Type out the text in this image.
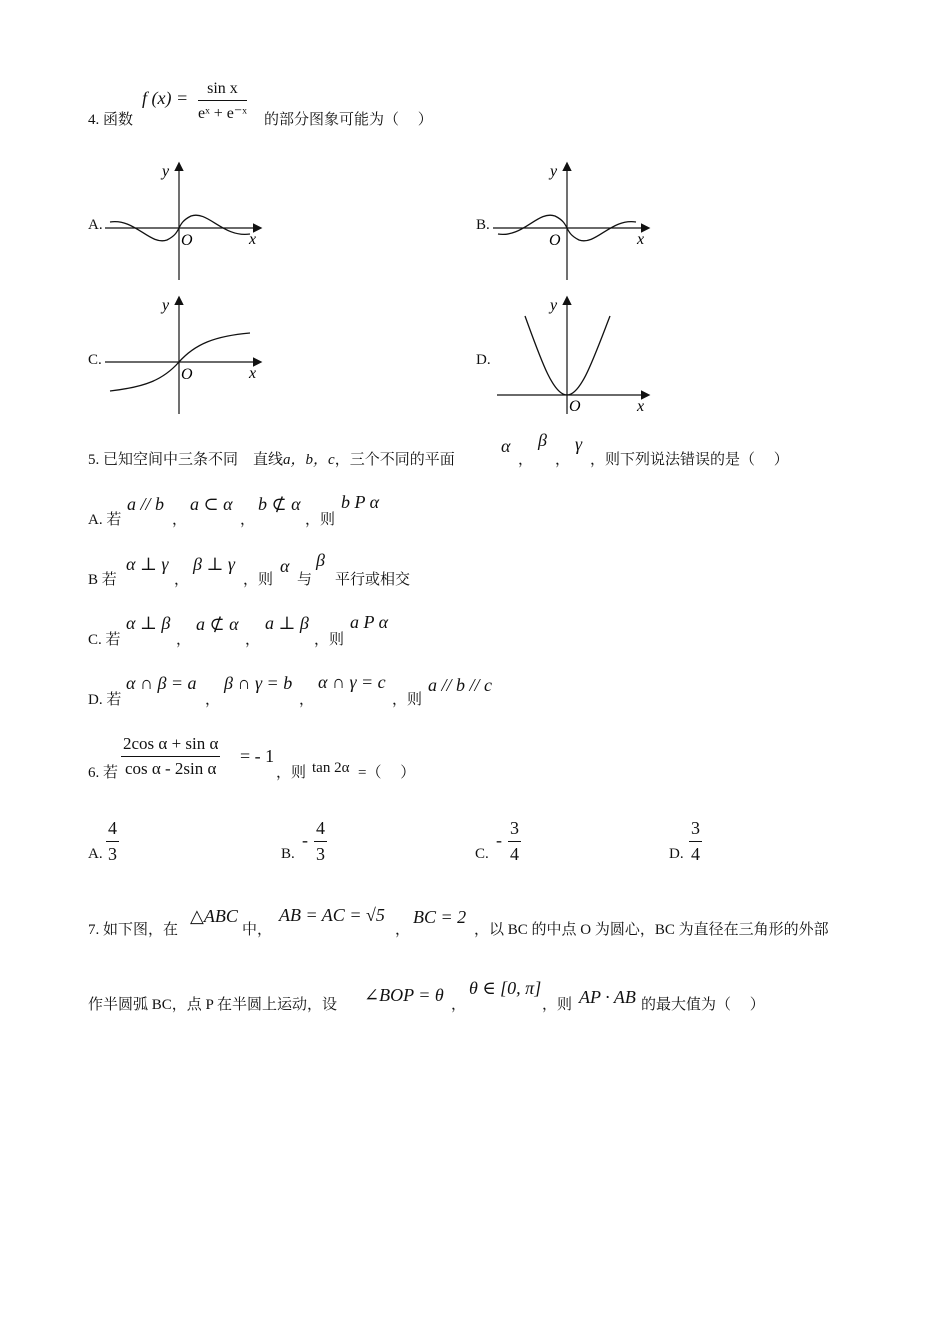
4. 函数
f $(x) = \frac{\text{sin x}}{\text{eˣ + e⁻ˣ}}$ 的部分图象可能为（　 ）
A.
y
x
O
B.
y
x
O
C.
y
x
O
D.
y
x
O
5. 已知空间中三条不同　直线a，b，c，三个不同的平面
α
，
β
，
γ
，则下列说法错误的是（　 ）
A. 若
a // b
，
a ⊂ α
，
b ⊄ α
，则
b P α
B 若
α ⊥ γ
，
β ⊥ γ
，则
α
与
β
平行或相交
C. 若
α ⊥ β
，
a ⊄ α
，
a ⊥ β
，则
a P α
D. 若
α ∩ β = a
，
β ∩ γ = b
，
α ∩ γ = c
，则
a // b // c
6. 若 $\frac{\text{2cos α + sin α}}{\text{cos α - 2sin α}}$ = - 1
，则 tan 2α =（　 ）
A. $\frac{4}{3}$	B.
- $\frac{4}{3}$	C.
- $\frac{3}{4}$	D. $\frac{3}{4}$
7. 如下图，在
△ABC
中，
AB = AC = √5
，
BC = 2
，以 BC 的中点 O 为圆心，BC 为直径在三角形的外部
作半圆弧 BC，点 P 在半圆上运动，设 ∠BOP = θ ，
θ ∈ [0, π]
，则 AP · AB 的最大值为（　 ）
